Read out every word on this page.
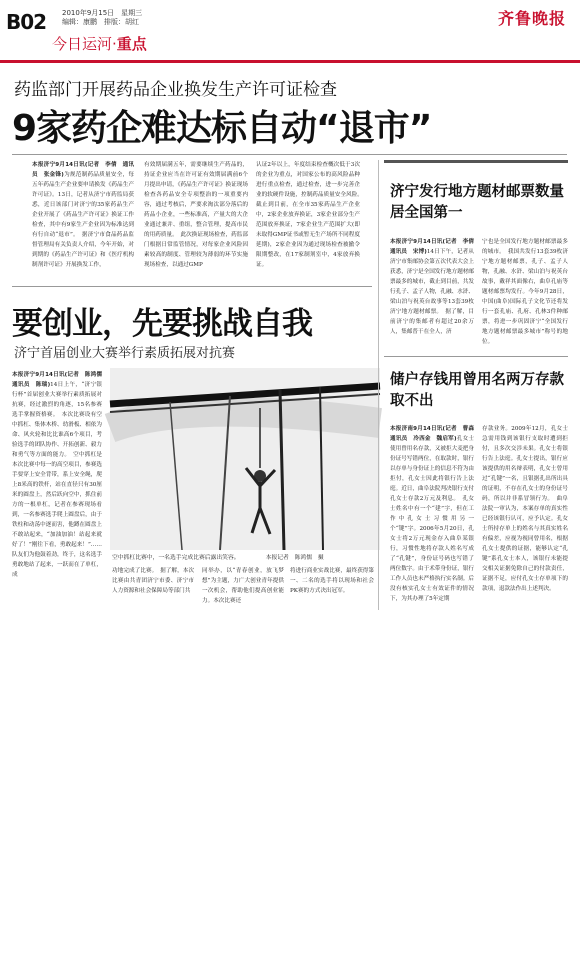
B02 2010年9月15日　星期三
编辑：康鹏　排版：胡红	齐鲁晚报
今日运河·重点
药监部门开展药品企业换发生产许可证检查
9家药企难达标自动“退市”
本报济宁9月14日讯(记者　李倩　通讯员　张金锋)为规范制药品质量安全，每五年药品生产企业要申请换发《药品生产许可证》。13日，记者从济宁市药监局获悉，近日该部门对济宁的35家药品生产企业开展了《药品生产许可证》换证工作检查，其中有9家生产企业因为标准达到有行自动“退市”。　据济宁市食品药品监督管理局有关负责人介绍，今年开始，对到期的《药品生产许可证》和《医疗机构制剂许可证》开展换发工作，
有效期届满五年，需要继续生产药品的，持证企业应当在许可证有效期届满前6个月提出申请，《药品生产许可证》换证现场检查各药品安全专项整治的一项重要内容，通过考核后，严要求淘汰部分落后的药品小企业，一些标准高，产量大的大企业通过兼并、重组，整合管理，提高市民的用药质量。　此次换证现场检查，药监部门根据日常监管情况，对每家企业风险因素较高的制度、管理较为薄弱的环节实施现场检查，以通过GMP
认证2年以上，年度结束检查概次低于3次的企业为重点，对国家公布的高风险品种进行重点检查，通过检查，进一步完善企业的软硬件设施，控制药品质量安全风险。　截止到目前，在全市35家药品生产企业中，2家企业放弃换证，3家企业部分生产范围放弃换证，7家企业生产范围扩大(即未取得GMP证书或暂无生产场所不同程度延期)，2家企业因为通过现场检查被撤令限期整改，在17家制剂室中，4家放弃换证。
济宁发行地方题材邮票数量居全国第一
本报济宁9月14日讯(记者　李倩　通讯员　宋博)14日下午，记者从济宁市集邮协会第五次代表大会上获悉，济宁是全国发行地方题材邮票最多的城市，截止到目前，共发行孔子、孟子人物，孔融、水浒、梁山泊与祝英台故事等13套39枚济宁地方题材邮票。　据了解，目前济宁的集邮者有超过20余万人，集邮普干在全人，济
宁也是全国发行地方题材邮票最多的城市。　我国共发行13套39枚济宁地方题材邮票，孔子、孟子人物，孔融、水浒、梁山泊与祝英台故事，戴祥其面像右，曲阜孔庙等题材邮票均发行。今年9月28日，中国(曲阜)国际孔子文化节还将发行一套孔庙、孔府、孔林3件种邮票，将进一步巩固济宁“全国发行地方题材邮票最多城市”称号的地位。
要创业，先要挑战自我
济宁首届创业大赛举行素质拓展对抗赛
本报济宁9月14日讯(记者　陈鸿儒　通讯员　陈瑞)14日上午，“济宁银行杯”首届创业大赛举行素质拓展对抗赛，经过激烈的角逐，15名参赛选手掌握资格赛。　本次比赛设有空中抓杠、集体木桥、幼滑板、相依为命、风火轮和比比谁高6个项目，考验选手的团队协作、开拓创新、毅力和勇气等方面的能力。　空中抓杠是本次比赛中每一的高空项目，参赛选手要穿上安全背带，系上安全绳，爬上8米高的铁杆，站在直径只有30厘米的圆盘上，然后跃向空中，抓住前方的一根单杠，记者在参赛现场看到，一名参赛选手爬上圆盘后，由于铁柱和动荡中逐而害，他蹲在圆盘上不敢站起来，“加油加油！站起来就好了！”刚往下看，勇敢起来！”……队友们为他鼓着劲，终于，这名选手勇敢地站了起来，一跃而在了单杠，成
空中抓杠比赛中，一名选手完成比赛后露出笑容。　　　　　	本报记者　陈鸿儒　摄
功地完成了比赛。　据了解，本次比赛由共青团济宁市委、济宁市人力资源和社会保障局等部门共
同举办，以“青春创业，放飞梦想”为主题，力广大创业青年提供一次机会，帮助他们提高创业能力。本次比赛还
将进行商业实战比赛，最终获得第一、二名的选手将以现场和社会PK赛的方式决出冠军。
储户存钱用曾用名两万存款取不出
本报济南9月14日讯(记者　曹森　通讯员　冷西金　魏启军)孔女士使用曾用名存款，又被拒大麦把身份证号写错两位，在取款时，银行以存单与身份证上的信息不符为由拒付，孔女士因此将银行告上法庭。近日，曲阜法院判决银行支付孔女士存款2万元及利息。　孔女士姓名中有一个“建”字，但在工作中孔女士习惯用另一个“键”字。2006年5月20日，孔女士将2万元现金存入曲阜某银行，习惯性地将存款人姓名写成了“孔键”，身份证号码也写错了两位数字。由于术带身份证，银行工作人员也未严格执行实名制。后没有核实孔女士有效证件的情况下，为其办理了5年定期
存款业务。2009年12月，孔女士急需用钱到该银行支取时遭到拒付，且多次交涉未果。孔女士将银行告上法庭。孔女士提出，银行应该提供的用名辩表明，孔女士曾用过“孔键”一名，且银据孔出所出具的证明，不存在孔女士的身份证号码，所以并非系冒领行为。　曲阜法院一审认为，本案存单的真实性已经该银行认可，应予认定。孔女士所持存单上的姓名与其真实姓名有偏差，应视为视同曾用名，根据孔女士提供的证据，能够认定“孔键”系孔女士本人，该银行未能提交相关证据免除自己的付款责任，证据不足，应付孔女士存单项下的款项，退款法作出上述判决。
